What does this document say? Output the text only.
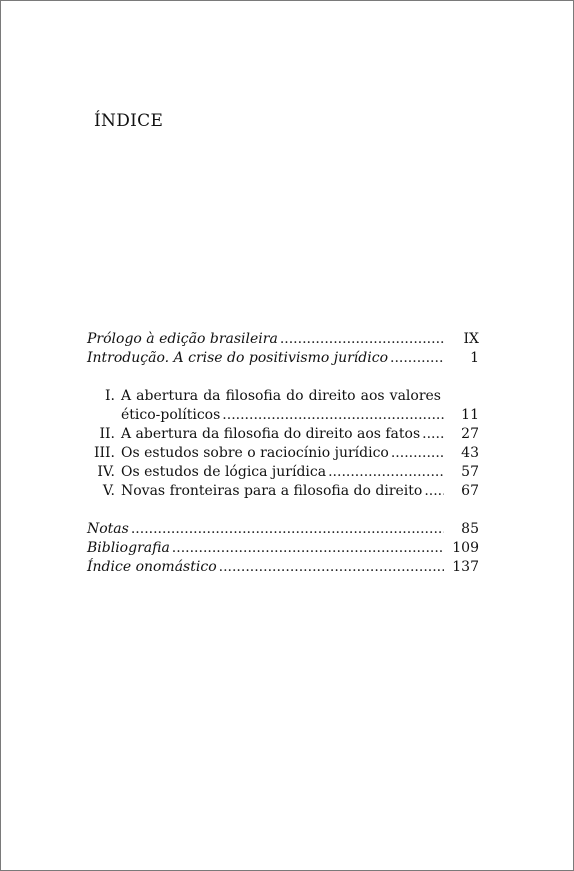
ÍNDICE
Prólogo à edição brasileira .....	IX
Introdução. A crise do positivismo jurídico .....	1
I. A abertura da filosofia do direito aos valores
ético-políticos .....	11
II. A abertura da filosofia do direito aos fatos .....	27
III. Os estudos sobre o raciocínio jurídico .....	43
IV. Os estudos de lógica jurídica .....	57
V. Novas fronteiras para a filosofia do direito .....	67
Notas .....	85
Bibliografia .....	109
Índice onomástico .....	137
